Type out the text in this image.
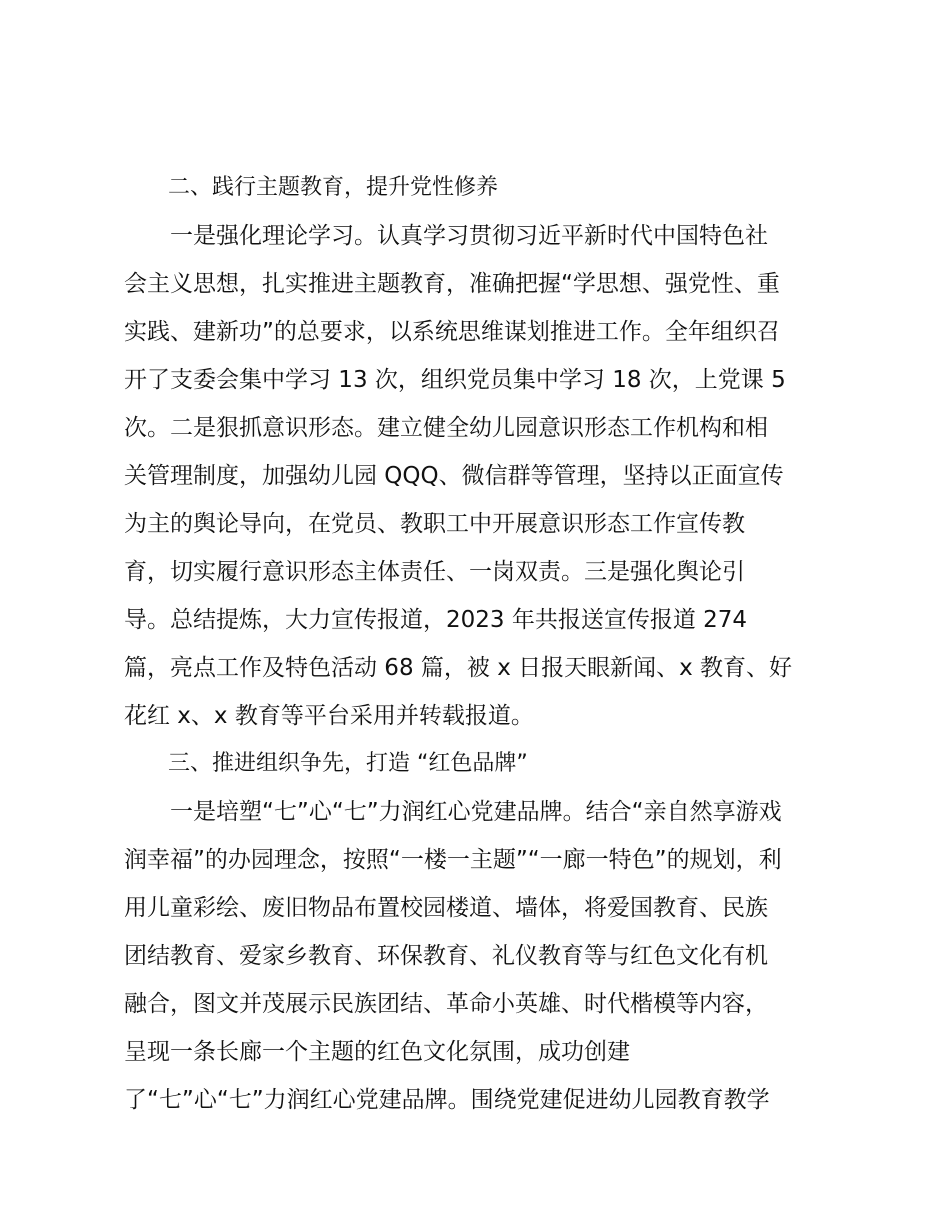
　　二、践行主题教育，提升党性修养
　　一是强化理论学习。认真学习贯彻习近平新时代中国特色社
会主义思想，扎实推进主题教育，准确把握“学思想、强党性、重
实践、建新功”的总要求，以系统思维谋划推进工作。全年组织召
开了支委会集中学习 13 次，组织党员集中学习 18 次，上党课 5
次。二是狠抓意识形态。建立健全幼儿园意识形态工作机构和相
关管理制度，加强幼儿园 QQQ、微信群等管理，坚持以正面宣传
为主的舆论导向，在党员、教职工中开展意识形态工作宣传教
育，切实履行意识形态主体责任、一岗双责。三是强化舆论引
导。总结提炼，大力宣传报道，2023 年共报送宣传报道 274
篇，亮点工作及特色活动 68 篇，被 x 日报天眼新闻、x 教育、好
花红 x、x 教育等平台采用并转载报道。
　　三、推进组织争先，打造 “红色品牌”
　　一是培塑“七”心“七”力润红心党建品牌。结合“亲自然享游戏
润幸福”的办园理念，按照“一楼一主题”“一廊一特色”的规划，利
用儿童彩绘、废旧物品布置校园楼道、墙体，将爱国教育、民族
团结教育、爱家乡教育、环保教育、礼仪教育等与红色文化有机
融合，图文并茂展示民族团结、革命小英雄、时代楷模等内容，
呈现一条长廊一个主题的红色文化氛围，成功创建
了“七”心“七”力润红心党建品牌。围绕党建促进幼儿园教育教学
